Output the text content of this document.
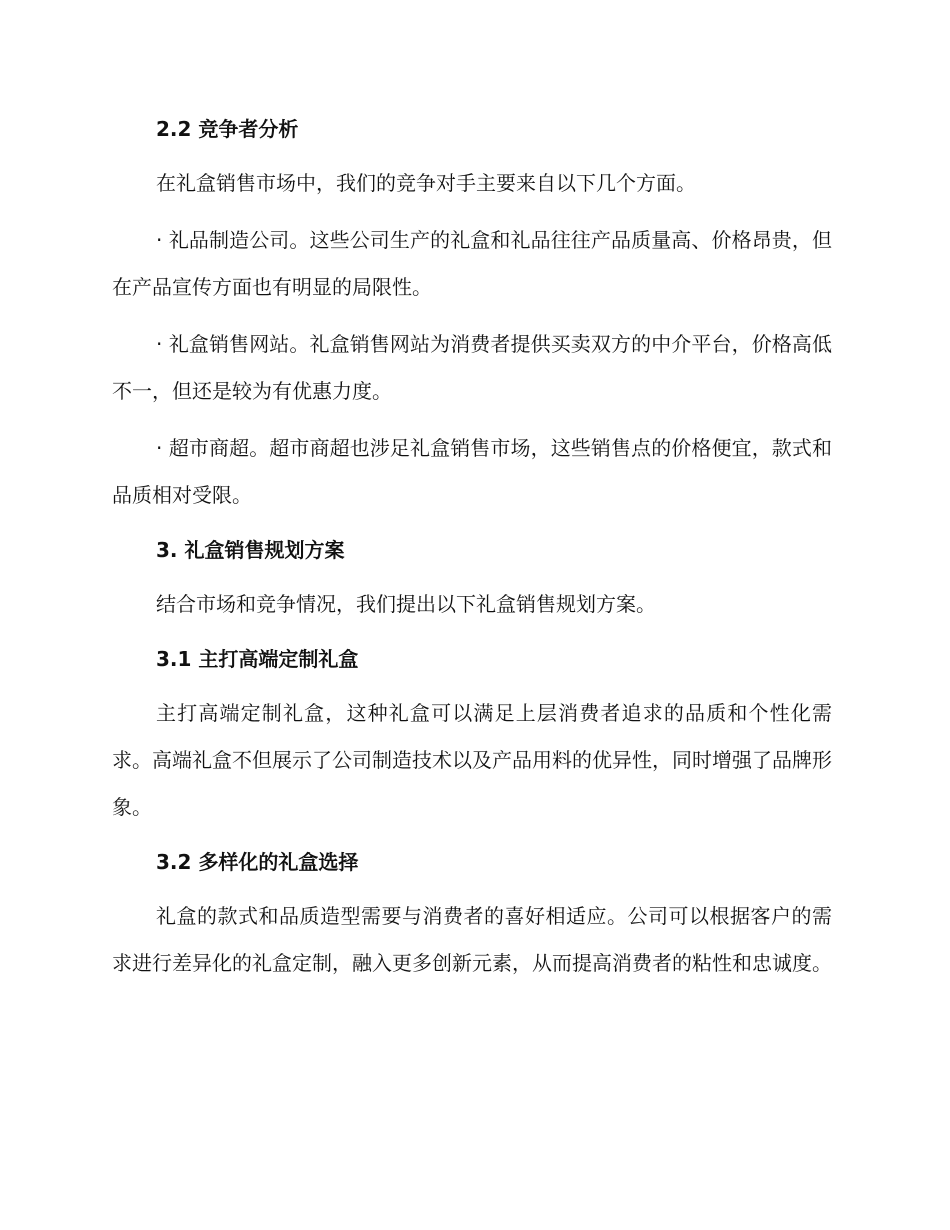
2.2 竞争者分析

在礼盒销售市场中，我们的竞争对手主要来自以下几个方面。

· 礼品制造公司。这些公司生产的礼盒和礼品往往产品质量高、价格昂贵，但在产品宣传方面也有明显的局限性。

· 礼盒销售网站。礼盒销售网站为消费者提供买卖双方的中介平台，价格高低不一，但还是较为有优惠力度。

· 超市商超。超市商超也涉足礼盒销售市场，这些销售点的价格便宜，款式和品质相对受限。

3. 礼盒销售规划方案

结合市场和竞争情况，我们提出以下礼盒销售规划方案。

3.1 主打高端定制礼盒

主打高端定制礼盒，这种礼盒可以满足上层消费者追求的品质和个性化需求。高端礼盒不但展示了公司制造技术以及产品用料的优异性，同时增强了品牌形象。

3.2 多样化的礼盒选择

礼盒的款式和品质造型需要与消费者的喜好相适应。公司可以根据客户的需求进行差异化的礼盒定制，融入更多创新元素，从而提高消费者的粘性和忠诚度。
